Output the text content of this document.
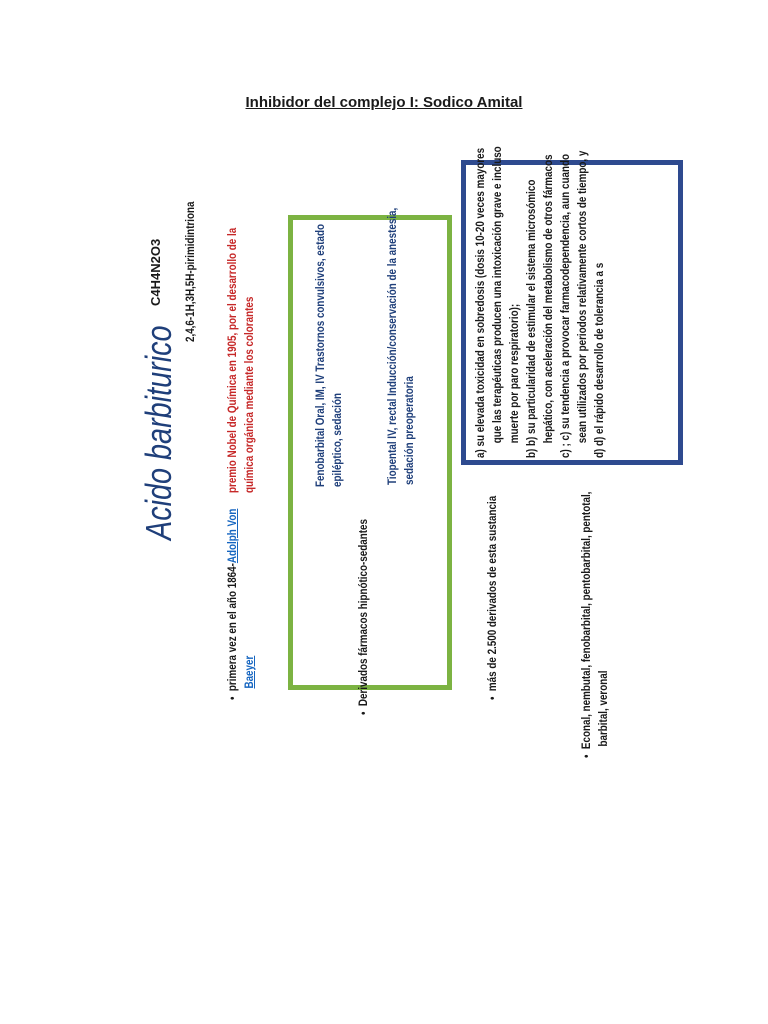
Inhibidor del complejo I: Sodico Amital
Acido barbiturico
C4H4N2O3 2,4,6-1H,3H,5H-pirimidintriona premio Nobel de Química en 1905, por el desarrollo de la química orgánica mediante los colorantes
•  primera vez en el año 1864-Adolph Von
Baeyer
•  Derivados fármacos hipnótico-sedantes
Fenobarbital Oral, IM, IV Trastornos convulsivos, estado epiléptico, sedación	Tiopental IV, rectal Inducción/conservación de la anestesia, sedación preoperatoria
•  más de 2.500 derivados de esta sustancia
•  Econal, nembutal, fenobarbital, pentobarbital, pentotal, barbital, veronal
a) su elevada toxicidad en sobredosis (dosis 10-20 veces mayores que las terapéuticas producen una intoxicación grave e incluso muerte por paro respiratorio); b) b) su particularidad de estimular el sistema microsómico hepático, con aceleración del metabolismo de otros fármacos c) ; c) su tendencia a provocar farmacodependencia, aun cuando sean utilizados por periodos relativamente cortos de tiempo, y d) d) el rápido desarrollo de tolerancia a s
